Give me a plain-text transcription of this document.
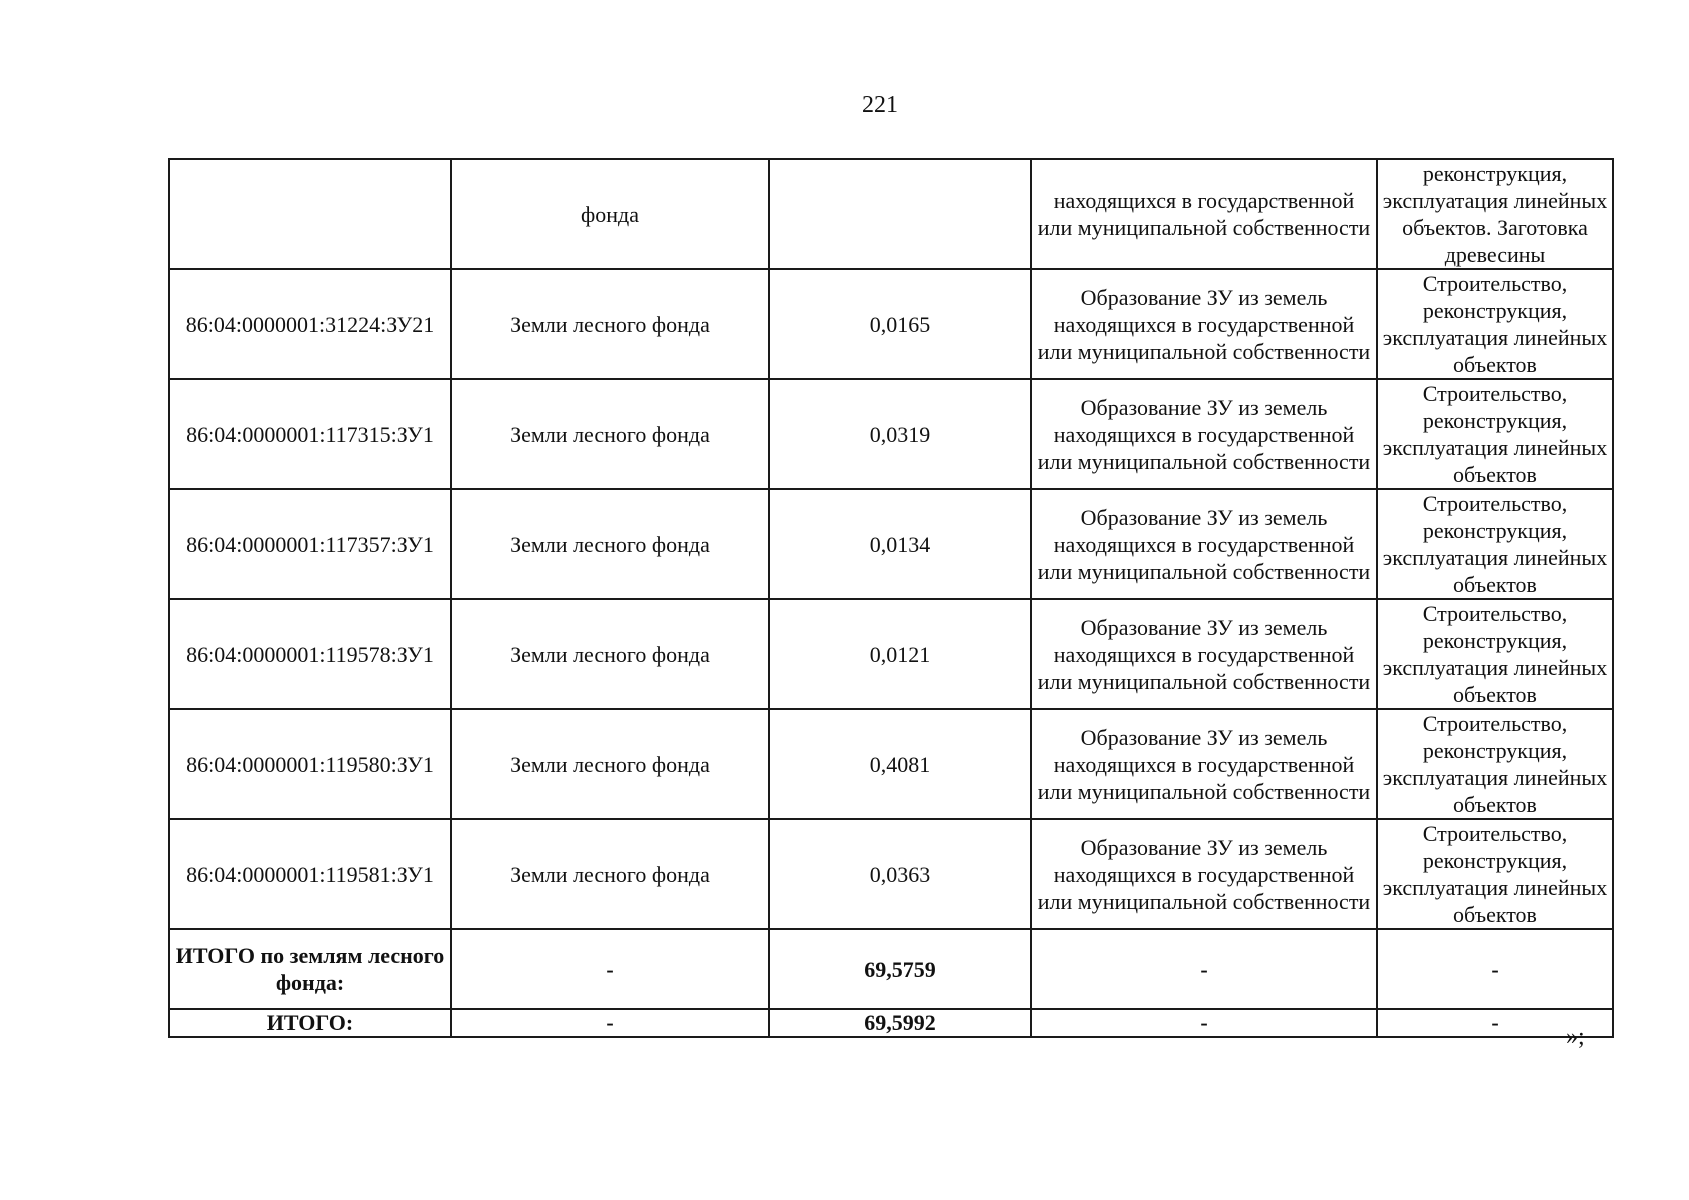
221
	фонда		находящихся в государственной или муниципальной собственности	реконструкция, эксплуатация линейных объектов. Заготовка древесины
86:04:0000001:31224:ЗУ21	Земли лесного фонда	0,0165	Образование ЗУ из земель находящихся в государственной или муниципальной собственности	Строительство, реконструкция, эксплуатация линейных объектов
86:04:0000001:117315:ЗУ1	Земли лесного фонда	0,0319	Образование ЗУ из земель находящихся в государственной или муниципальной собственности	Строительство, реконструкция, эксплуатация линейных объектов
86:04:0000001:117357:ЗУ1	Земли лесного фонда	0,0134	Образование ЗУ из земель находящихся в государственной или муниципальной собственности	Строительство, реконструкция, эксплуатация линейных объектов
86:04:0000001:119578:ЗУ1	Земли лесного фонда	0,0121	Образование ЗУ из земель находящихся в государственной или муниципальной собственности	Строительство, реконструкция, эксплуатация линейных объектов
86:04:0000001:119580:ЗУ1	Земли лесного фонда	0,4081	Образование ЗУ из земель находящихся в государственной или муниципальной собственности	Строительство, реконструкция, эксплуатация линейных объектов
86:04:0000001:119581:ЗУ1	Земли лесного фонда	0,0363	Образование ЗУ из земель находящихся в государственной или муниципальной собственности	Строительство, реконструкция, эксплуатация линейных объектов
ИТОГО по землям лесного фонда:	-	69,5759	-	-
ИТОГО:	-	69,5992	-	-
»;
